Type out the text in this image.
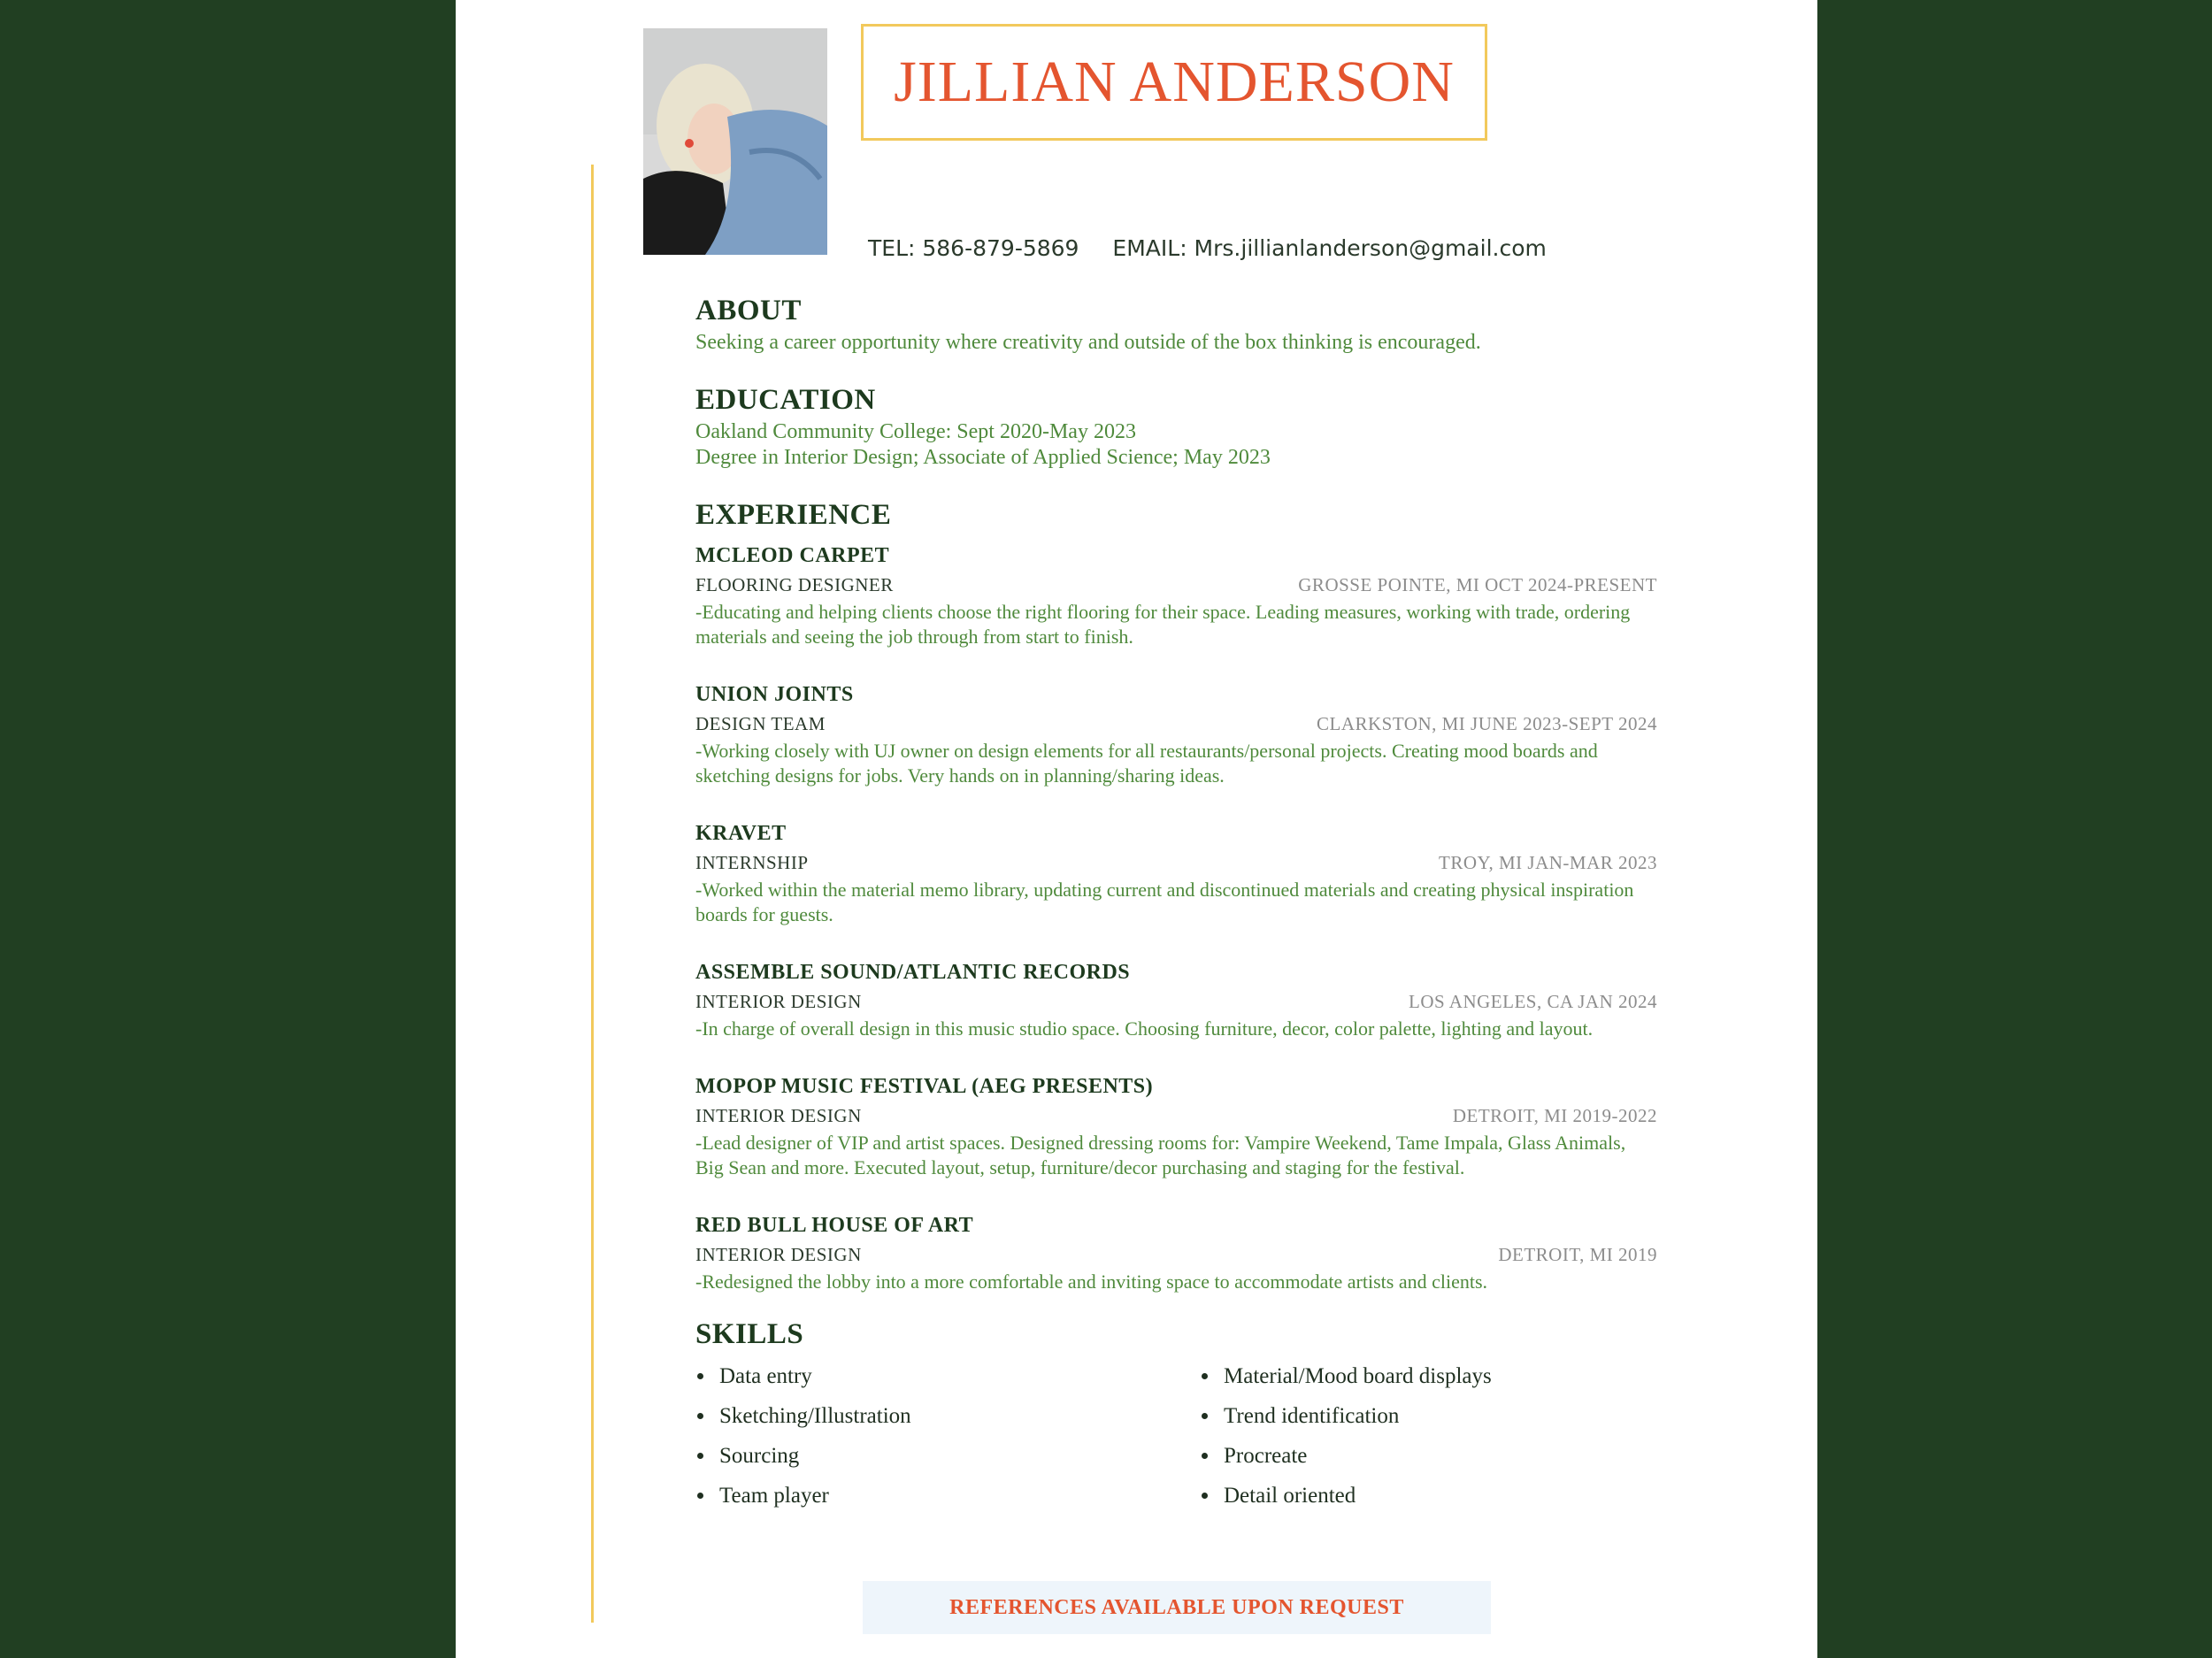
JILLIAN ANDERSON
TEL: 586-879-5869 EMAIL: Mrs.jillianlanderson@gmail.com
ABOUT

Seeking a career opportunity where creativity and outside of the box thinking is encouraged.

EDUCATION

Oakland Community College: Sept 2020-May 2023

Degree in Interior Design; Associate of Applied Science; May 2023

EXPERIENCE
MCLEOD CARPET
FLOORING DESIGNER	GROSSE POINTE, MI OCT 2024-PRESENT
-Educating and helping clients choose the right flooring for their space. Leading measures, working with trade, ordering materials and seeing the job through from start to finish.
UNION JOINTS
DESIGN TEAM	CLARKSTON, MI JUNE 2023-SEPT 2024
-Working closely with UJ owner on design elements for all restaurants/personal projects. Creating mood boards and sketching designs for jobs. Very hands on in planning/sharing ideas.
KRAVET
INTERNSHIP	TROY, MI JAN-MAR 2023
-Worked within the material memo library, updating current and discontinued materials and creating physical inspiration boards for guests.
ASSEMBLE SOUND/ATLANTIC RECORDS
INTERIOR DESIGN	LOS ANGELES, CA JAN 2024
-In charge of overall design in this music studio space. Choosing furniture, decor, color palette, lighting and layout.
MOPOP MUSIC FESTIVAL (AEG PRESENTS)
INTERIOR DESIGN	DETROIT, MI 2019-2022
-Lead designer of VIP and artist spaces. Designed dressing rooms for: Vampire Weekend, Tame Impala, Glass Animals, Big Sean and more. Executed layout, setup, furniture/decor purchasing and staging for the festival.
RED BULL HOUSE OF ART
INTERIOR DESIGN	DETROIT, MI 2019
-Redesigned the lobby into a more comfortable and inviting space to accommodate artists and clients.
SKILLS
Data entry	Material/Mood board displays
Sketching/Illustration	Trend identification
Sourcing	Procreate
Team player	Detail oriented
REFERENCES AVAILABLE UPON REQUEST
